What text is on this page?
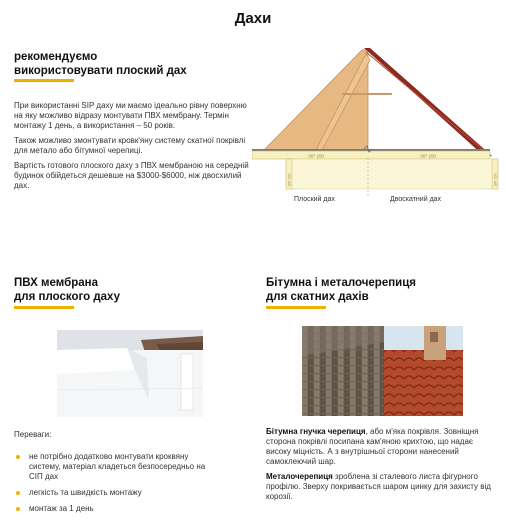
Дахи
рекомендуємо
використовувати плоский дах

При використанні SIP даху ми маємо ідеально рівну поверхню на яку можливо відразу монтувати ПВХ мембрану. Термін монтажу 1 день, а використання – 50 років.

Також можливо змонтувати кровк'яну систему скатної покрівлі для метало або бітумної черепиці.

Вартість готового плоского даху з ПВХ мембраною на середній будинок обійдеться дешевше на $3000-$6000, ніж двосхилий дах.

SIP 200	SIP 200
SIP 160	SIP 160
Плоский дах	Двоскатний дах
ПВХ мембрана
для плоского даху
Переваги:
не потрібно додатково монтувати кроквяну систему, матеріал кладеться безпосередньо на СІП дах
легкість та швидкість монтажу
монтаж за 1 день
Бітумна і металочерепиця
для скатних дахів

Бітумна гнучка черепиця, або м'яка покрівля. Зовніщня сторона покрівлі посипана кам'яною крихтою, що надає високу міцність. А з внутрішньої сторони нанесений самоклеючий шар.

Металочерепиця зроблена зі сталевого листа фігурного профілю. Зверху покривається шаром цинку для захисту від корозії.
